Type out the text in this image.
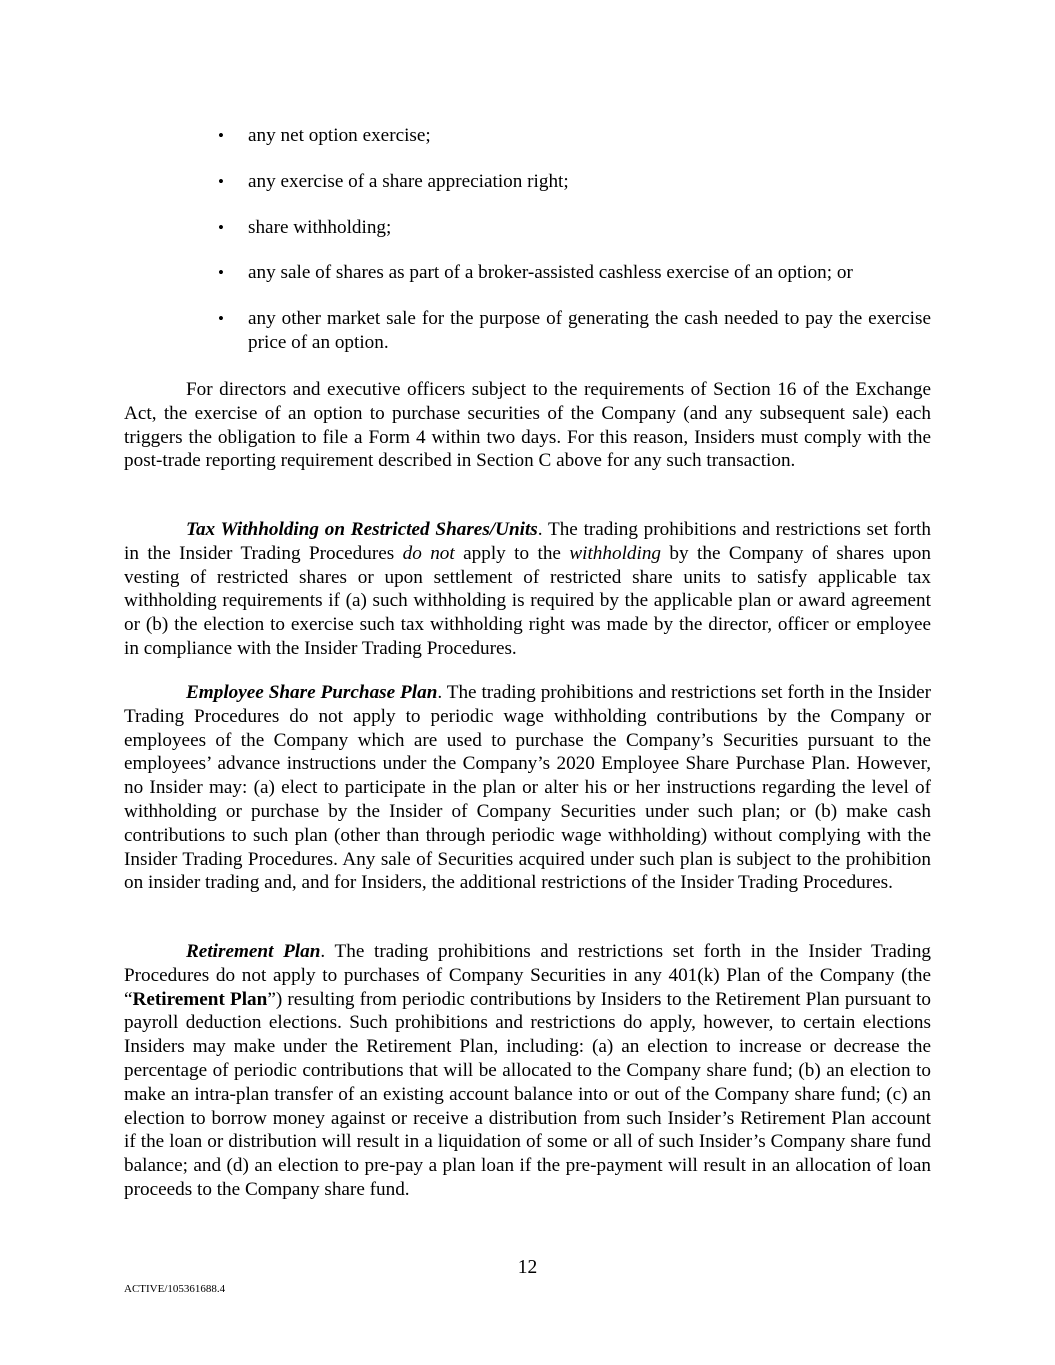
• any net option exercise;
• any exercise of a share appreciation right;
• share withholding;
• any sale of shares as part of a broker-assisted cashless exercise of an option; or
• any other market sale for the purpose of generating the cash needed to pay the exercise price of an option.

For directors and executive officers subject to the requirements of Section 16 of the Exchange Act, the exercise of an option to purchase securities of the Company (and any subsequent sale) each triggers the obligation to file a Form 4 within two days. For this reason, Insiders must comply with the post-trade reporting requirement described in Section C above for any such transaction.

Tax Withholding on Restricted Shares/Units. The trading prohibitions and restrictions set forth in the Insider Trading Procedures do not apply to the withholding by the Company of shares upon vesting of restricted shares or upon settlement of restricted share units to satisfy applicable tax withholding requirements if (a) such withholding is required by the applicable plan or award agreement or (b) the election to exercise such tax withholding right was made by the director, officer or employee in compliance with the Insider Trading Procedures.

Employee Share Purchase Plan. The trading prohibitions and restrictions set forth in the Insider Trading Procedures do not apply to periodic wage withholding contributions by the Company or employees of the Company which are used to purchase the Company’s Securities pursuant to the employees’ advance instructions under the Company’s 2020 Employee Share Purchase Plan. However, no Insider may: (a) elect to participate in the plan or alter his or her instructions regarding the level of withholding or purchase by the Insider of Company Securities under such plan; or (b) make cash contributions to such plan (other than through periodic wage withholding) without complying with the Insider Trading Procedures. Any sale of Securities acquired under such plan is subject to the prohibition on insider trading and, and for Insiders, the additional restrictions of the Insider Trading Procedures.

Retirement Plan. The trading prohibitions and restrictions set forth in the Insider Trading Procedures do not apply to purchases of Company Securities in any 401(k) Plan of the Company (the “Retirement Plan”) resulting from periodic contributions by Insiders to the Retirement Plan pursuant to payroll deduction elections. Such prohibitions and restrictions do apply, however, to certain elections Insiders may make under the Retirement Plan, including: (a) an election to increase or decrease the percentage of periodic contributions that will be allocated to the Company share fund; (b) an election to make an intra-plan transfer of an existing account balance into or out of the Company share fund; (c) an election to borrow money against or receive a distribution from such Insider’s Retirement Plan account if the loan or distribution will result in a liquidation of some or all of such Insider’s Company share fund balance; and (d) an election to pre-pay a plan loan if the pre-payment will result in an allocation of loan proceeds to the Company share fund.

12
ACTIVE/105361688.4
